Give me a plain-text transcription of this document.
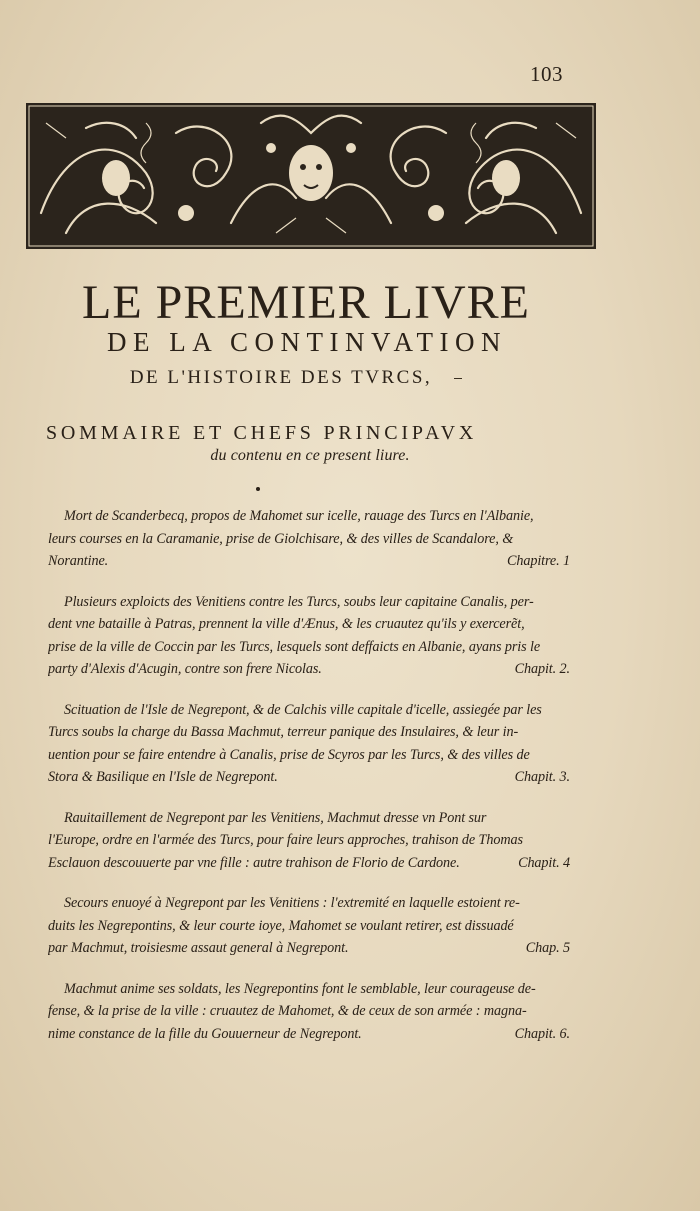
103
LE PREMIER LIVRE
DE LA CONTINVATION
DE L'HISTOIRE DES TVRCS,
SOMMAIRE ET CHEFS PRINCIPAVX
du contenu en ce present liure.
Mort de Scanderbecq, propos de Mahomet sur icelle, rauage des Turcs en l'Albanie,
leurs courses en la Caramanie, prise de Giolchisare, & des villes de Scandalore, &
Norantine.	Chapitre. 1
Plusieurs exploicts des Venitiens contre les Turcs, soubs leur capitaine Canalis, per-
dent vne bataille à Patras, prennent la ville d'Ænus, & les cruautez qu'ils y exercerẽt,
prise de la ville de Coccin par les Turcs, lesquels sont deffaicts en Albanie, ayans pris le
party d'Alexis d'Acugin, contre son frere Nicolas.	Chapit. 2.
Scituation de l'Isle de Negrepont, & de Calchis ville capitale d'icelle, assiegée par les
Turcs soubs la charge du Bassa Machmut, terreur panique des Insulaires, & leur in-
uention pour se faire entendre à Canalis, prise de Scyros par les Turcs, & des villes de
Stora & Basilique en l'Isle de Negrepont.	Chapit. 3.
Rauitaillement de Negrepont par les Venitiens, Machmut dresse vn Pont sur
l'Europe, ordre en l'armée des Turcs, pour faire leurs approches, trahison de Thomas
Esclauon descouuerte par vne fille : autre trahison de Florio de Cardone.	Chapit. 4
Secours enuoyé à Negrepont par les Venitiens : l'extremité en laquelle estoient re-
duits les Negrepontins, & leur courte ioye, Mahomet se voulant retirer, est dissuadé
par Machmut, troisiesme assaut general à Negrepont.	Chap. 5
Machmut anime ses soldats, les Negrepontins font le semblable, leur courageuse de-
fense, & la prise de la ville : cruautez de Mahomet, & de ceux de son armée : magna-
nime constance de la fille du Gouuerneur de Negrepont.	Chapit. 6.
